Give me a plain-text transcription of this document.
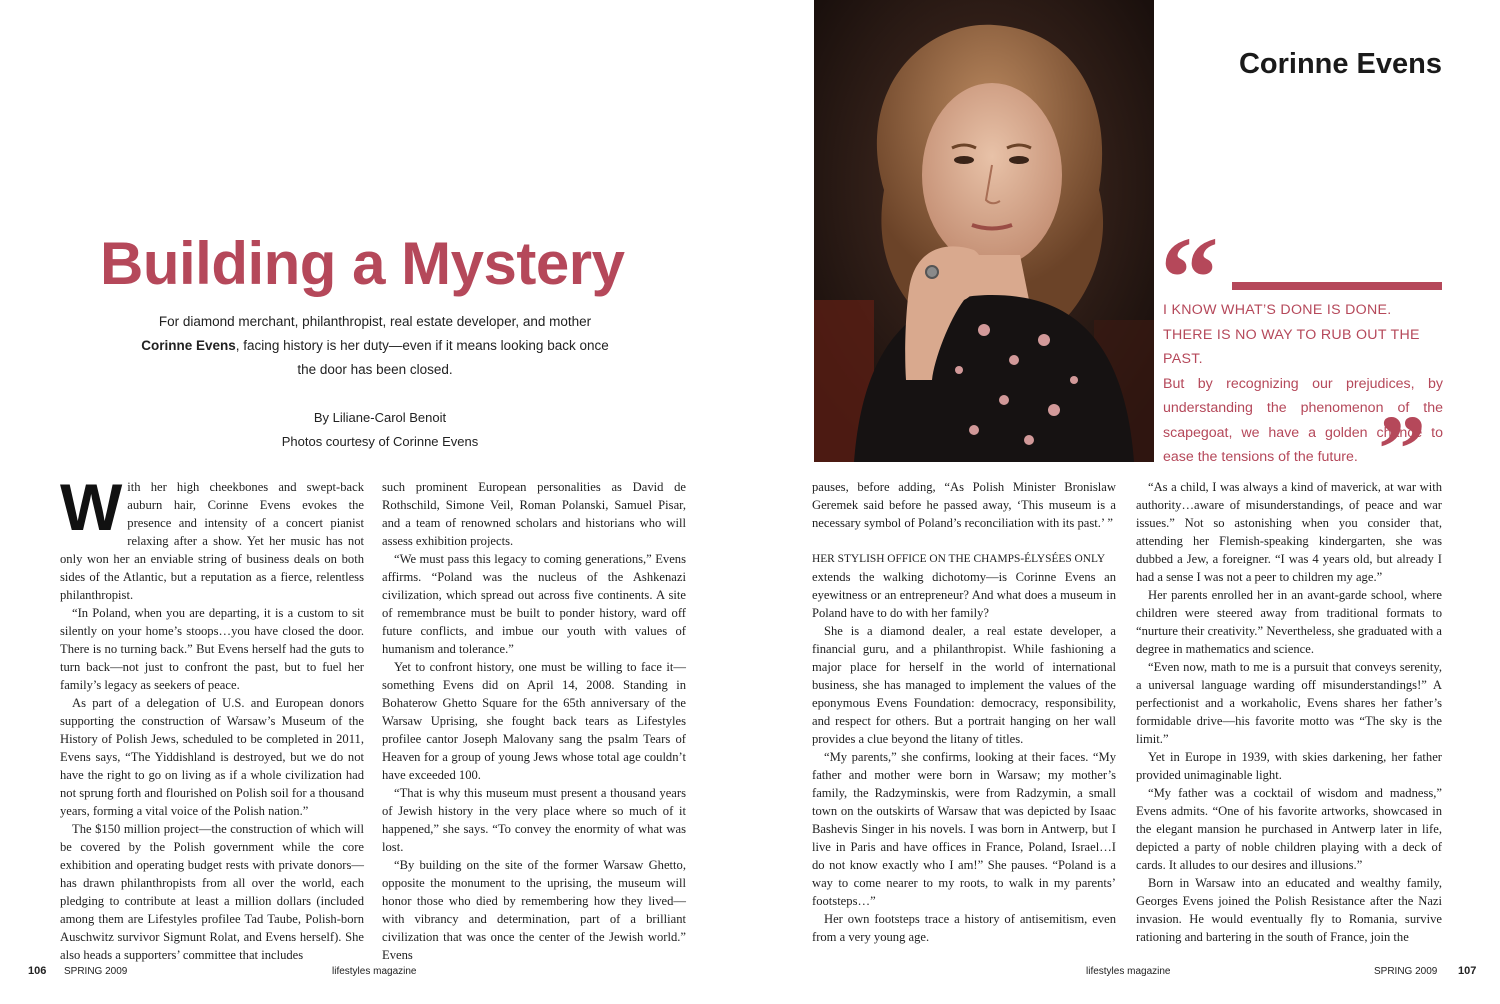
Building a Mystery
For diamond merchant, philanthropist, real estate developer, and mother
Corinne Evens, facing history is her duty—even if it means looking back once the door has been closed.
By Liliane-Carol Benoit
Photos courtesy of Corinne Evens

With her high cheekbones and swept-back auburn hair, Corinne Evens evokes the presence and intensity of a concert pianist relaxing after a show. Yet her music has not only won her an enviable string of business deals on both sides of the Atlantic, but a reputation as a fierce, relentless philanthropist.

“In Poland, when you are departing, it is a custom to sit silently on your home’s stoops…you have closed the door. There is no turning back.” But Evens herself had the guts to turn back—not just to confront the past, but to fuel her family’s legacy as seekers of peace.

As part of a delegation of U.S. and European donors supporting the construction of Warsaw’s Museum of the History of Polish Jews, scheduled to be completed in 2011, Evens says, “The Yiddishland is destroyed, but we do not have the right to go on living as if a whole civilization had not sprung forth and flourished on Polish soil for a thousand years, forming a vital voice of the Polish nation.”

The $150 million project—the construction of which will be covered by the Polish government while the core exhibition and operating budget rests with private donors—has drawn philanthropists from all over the world, each pledging to contribute at least a million dollars (included among them are Lifestyles profilee Tad Taube, Polish-born Auschwitz survivor Sigmunt Rolat, and Evens herself). She also heads a supporters’ committee that includes

such prominent European personalities as David de Rothschild, Simone Veil, Roman Polanski, Samuel Pisar, and a team of renowned scholars and historians who will assess exhibition projects.

“We must pass this legacy to coming generations,” Evens affirms. “Poland was the nucleus of the Ashkenazi civilization, which spread out across five continents. A site of remembrance must be built to ponder history, ward off future conflicts, and imbue our youth with values of humanism and tolerance.”

Yet to confront history, one must be willing to face it—something Evens did on April 14, 2008. Standing in Bohaterow Ghetto Square for the 65th anniversary of the Warsaw Uprising, she fought back tears as Lifestyles profilee cantor Joseph Malovany sang the psalm Tears of Heaven for a group of young Jews whose total age couldn’t have exceeded 100.

“That is why this museum must present a thousand years of Jewish history in the very place where so much of it happened,” she says. “To convey the enormity of what was lost.

“By building on the site of the former Warsaw Ghetto, opposite the monument to the uprising, the museum will honor those who died by remembering how they lived—with vibrancy and determination, part of a brilliant civilization that was once the center of the Jewish world.” Evens

106 SPRING 2009	lifestyles magazine
Corinne Evens
“
I KNOW WHAT’S DONE IS DONE. THERE IS NO WAY TO RUB OUT THE PAST.
But by recognizing our prejudices, by understanding the phenomenon of the scapegoat, we have a golden chance to ease the tensions of the future. ”

pauses, before adding, “As Polish Minister Bronislaw Geremek said before he passed away, ‘This museum is a necessary symbol of Poland’s reconciliation with its past.’ ”

HER STYLISH OFFICE ON THE CHAMPS-ÉLYSÉES ONLY

extends the walking dichotomy—is Corinne Evens an eyewitness or an entrepreneur? And what does a museum in Poland have to do with her family?

She is a diamond dealer, a real estate developer, a financial guru, and a philanthropist. While fashioning a major place for herself in the world of international business, she has managed to implement the values of the eponymous Evens Foundation: democracy, responsibility, and respect for others. But a portrait hanging on her wall provides a clue beyond the litany of titles.

“My parents,” she confirms, looking at their faces. “My father and mother were born in Warsaw; my mother’s family, the Radzyminskis, were from Radzymin, a small town on the outskirts of Warsaw that was depicted by Isaac Bashevis Singer in his novels. I was born in Antwerp, but I live in Paris and have offices in France, Poland, Israel…I do not know exactly who I am!” She pauses. “Poland is a way to come nearer to my roots, to walk in my parents’ footsteps…”

Her own footsteps trace a history of antisemitism, even from a very young age.

“As a child, I was always a kind of maverick, at war with authority…aware of misunderstandings, of peace and war issues.” Not so astonishing when you consider that, attending her Flemish-speaking kindergarten, she was dubbed a Jew, a foreigner. “I was 4 years old, but already I had a sense I was not a peer to children my age.”

Her parents enrolled her in an avant-garde school, where children were steered away from traditional formats to “nurture their creativity.” Nevertheless, she graduated with a degree in mathematics and science.

“Even now, math to me is a pursuit that conveys serenity, a universal language warding off misunderstandings!” A perfectionist and a workaholic, Evens shares her father’s formidable drive—his favorite motto was “The sky is the limit.”

Yet in Europe in 1939, with skies darkening, her father provided unimaginable light.

“My father was a cocktail of wisdom and madness,” Evens admits. “One of his favorite artworks, showcased in the elegant mansion he purchased in Antwerp later in life, depicted a party of noble children playing with a deck of cards. It alludes to our desires and illusions.”

Born in Warsaw into an educated and wealthy family, Georges Evens joined the Polish Resistance after the Nazi invasion. He would eventually fly to Romania, survive rationing and bartering in the south of France, join the

lifestyles magazine	SPRING 2009 107
